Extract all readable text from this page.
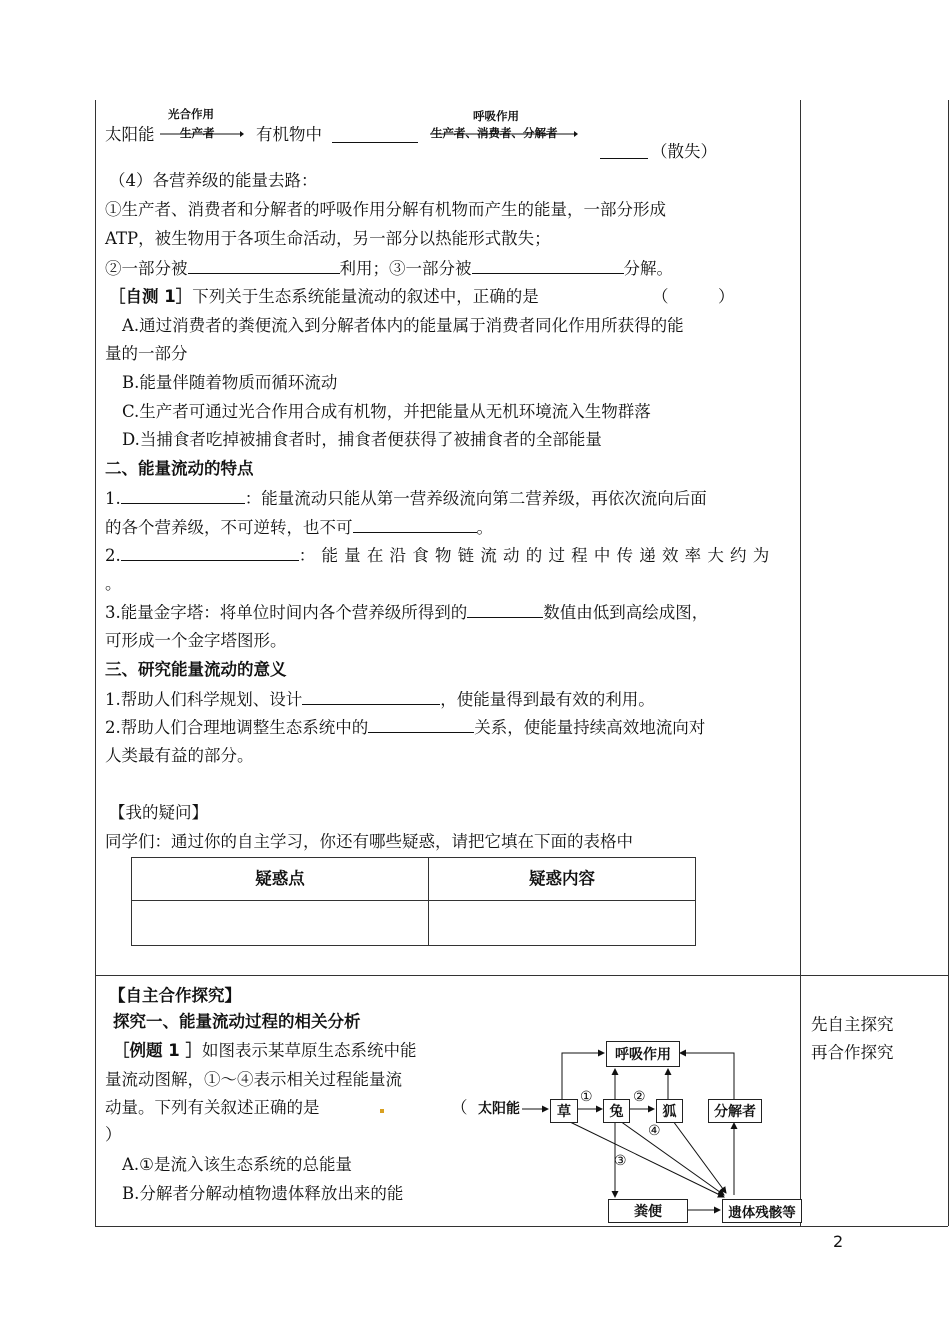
太阳能
光合作用
生产者	有机物中
呼吸作用
生产者、消费者、分解者
（散失）
（4）各营养级的能量去路：
①生产者、消费者和分解者的呼吸作用分解有机物而产生的能量，一部分形成
ATP，被生物用于各项生命活动，另一部分以热能形式散失；
②一部分被	利用；③一部分被	分解。
［自测 1］下列关于生态系统能量流动的叙述中，正确的是	（　　　）
A.通过消费者的粪便流入到分解者体内的能量属于消费者同化作用所获得的能
量的一部分
B.能量伴随着物质而循环流动
C.生产者可通过光合作用合成有机物，并把能量从无机环境流入生物群落
D.当捕食者吃掉被捕食者时，捕食者便获得了被捕食者的全部能量
二、能量流动的特点
1.	：能量流动只能从第一营养级流向第二营养级，再依次流向后面
的各个营养级，不可逆转，也不可	。
2.	：能量在沿食物链流动的过程中传递效率大约为
。
3.能量金字塔：将单位时间内各个营养级所得到的	数值由低到高绘成图，
可形成一个金字塔图形。
三、研究能量流动的意义
1.帮助人们科学规划、设计	，使能量得到最有效的利用。
2.帮助人们合理地调整生态系统中的	关系，使能量持续高效地流向对
人类最有益的部分。
【我的疑问】
同学们：通过你的自主学习，你还有哪些疑惑，请把它填在下面的表格中
疑惑点	疑惑内容
【自主合作探究】
探究一、能量流动过程的相关分析
［例题 1 ］如图表示某草原生态系统中能
量流动图解，①～④表示相关过程能量流
动量。下列有关叙述正确的是	（
）
A.①是流入该生态系统的总能量
B.分解者分解动植物遗体释放出来的能
先自主探究
再合作探究
呼吸作用
太阳能	草	兔	狐	分解者
粪便	遗体残骸等
①	②
③
④
2
